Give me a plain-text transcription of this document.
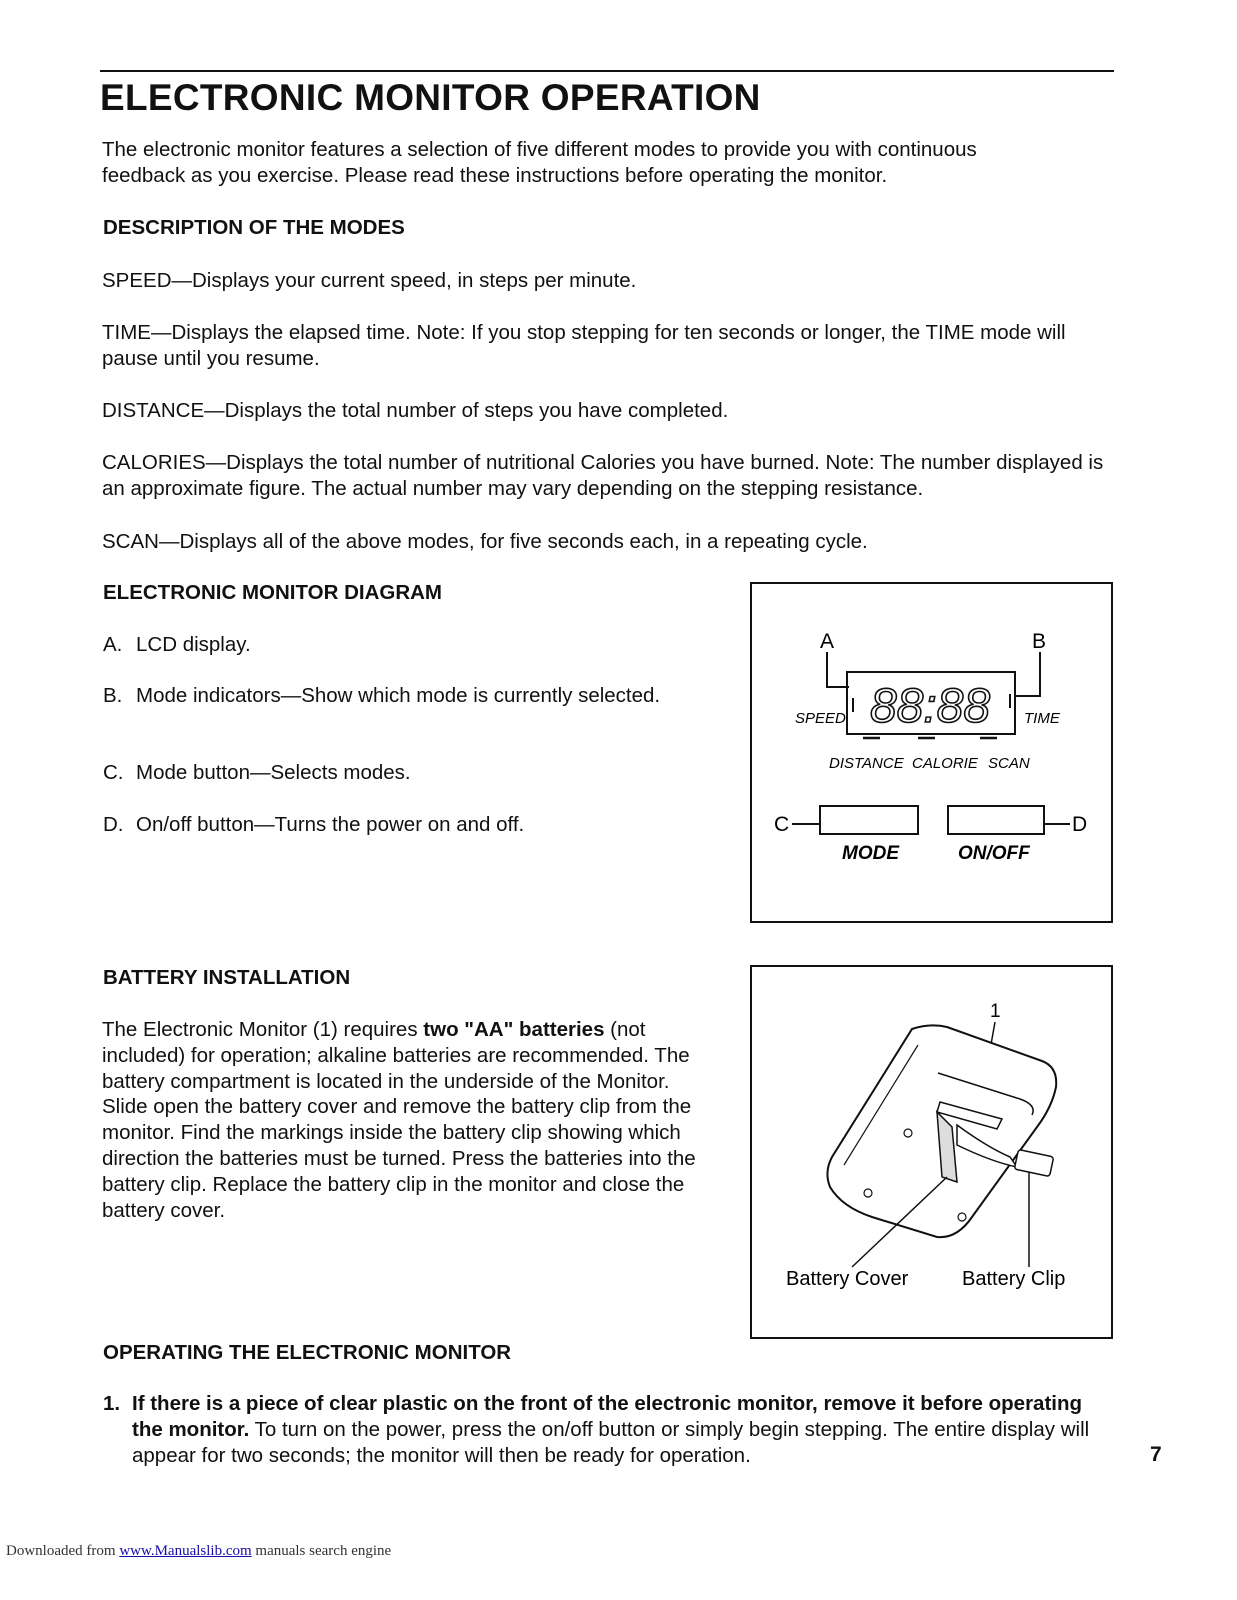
ELECTRONIC MONITOR OPERATION

The electronic monitor features a selection of five different modes to provide you with continuous feedback as you exercise. Please read these instructions before operating the monitor.

DESCRIPTION OF THE MODES

SPEED—Displays your current speed, in steps per minute.

TIME—Displays the elapsed time. Note: If you stop stepping for ten seconds or longer, the TIME mode will pause until you resume.

DISTANCE—Displays the total number of steps you have completed.

CALORIES—Displays the total number of nutritional Calories you have burned. Note: The number displayed is an approximate figure. The actual number may vary depending on the stepping resistance.

SCAN—Displays all of the above modes, for five seconds each, in a repeating cycle.

ELECTRONIC MONITOR DIAGRAM
A. LCD display.
B. Mode indicators—Show which mode is currently selected.
C. Mode button—Selects modes.
D. On/off button—Turns the power on and off.
A	B
88:88
SPEED	TIME
DISTANCE CALORIE SCAN
C	D
MODE	ON/OFF
BATTERY INSTALLATION

The Electronic Monitor (1) requires two "AA" batteries (not included) for operation; alkaline batteries are recommended. The battery compartment is located in the underside of the Monitor. Slide open the battery cover and remove the battery clip from the monitor. Find the markings inside the battery clip showing which direction the batteries must be turned. Press the batteries into the battery clip. Replace the battery clip in the monitor and close the battery cover.

1
Battery Cover	Battery Clip
OPERATING THE ELECTRONIC MONITOR
1. If there is a piece of clear plastic on the front of the electronic monitor, remove it before operating the monitor. To turn on the power, press the on/off button or simply begin stepping. The entire display will appear for two seconds; the monitor will then be ready for operation.	7
Downloaded from www.Manualslib.com manuals search engine
